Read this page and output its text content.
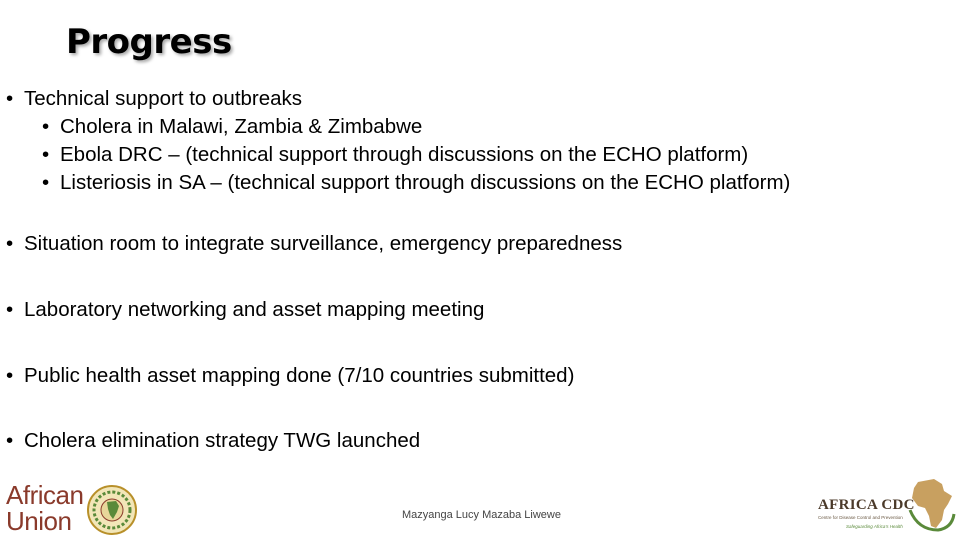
Progress
• Technical support to outbreaks
• Cholera in Malawi, Zambia & Zimbabwe
• Ebola DRC – (technical support through discussions on the ECHO platform)
• Listeriosis in SA – (technical support through discussions on the ECHO platform)
• Situation room to integrate surveillance, emergency preparedness
• Laboratory networking and asset mapping meeting
• Public health asset mapping done (7/10 countries submitted)
• Cholera elimination strategy TWG launched
African
Union	Mazyanga Lucy Mazaba Liwewe
AFRICA CDC
Centre for Disease Control and Prevention
Safeguarding Africa's Health
